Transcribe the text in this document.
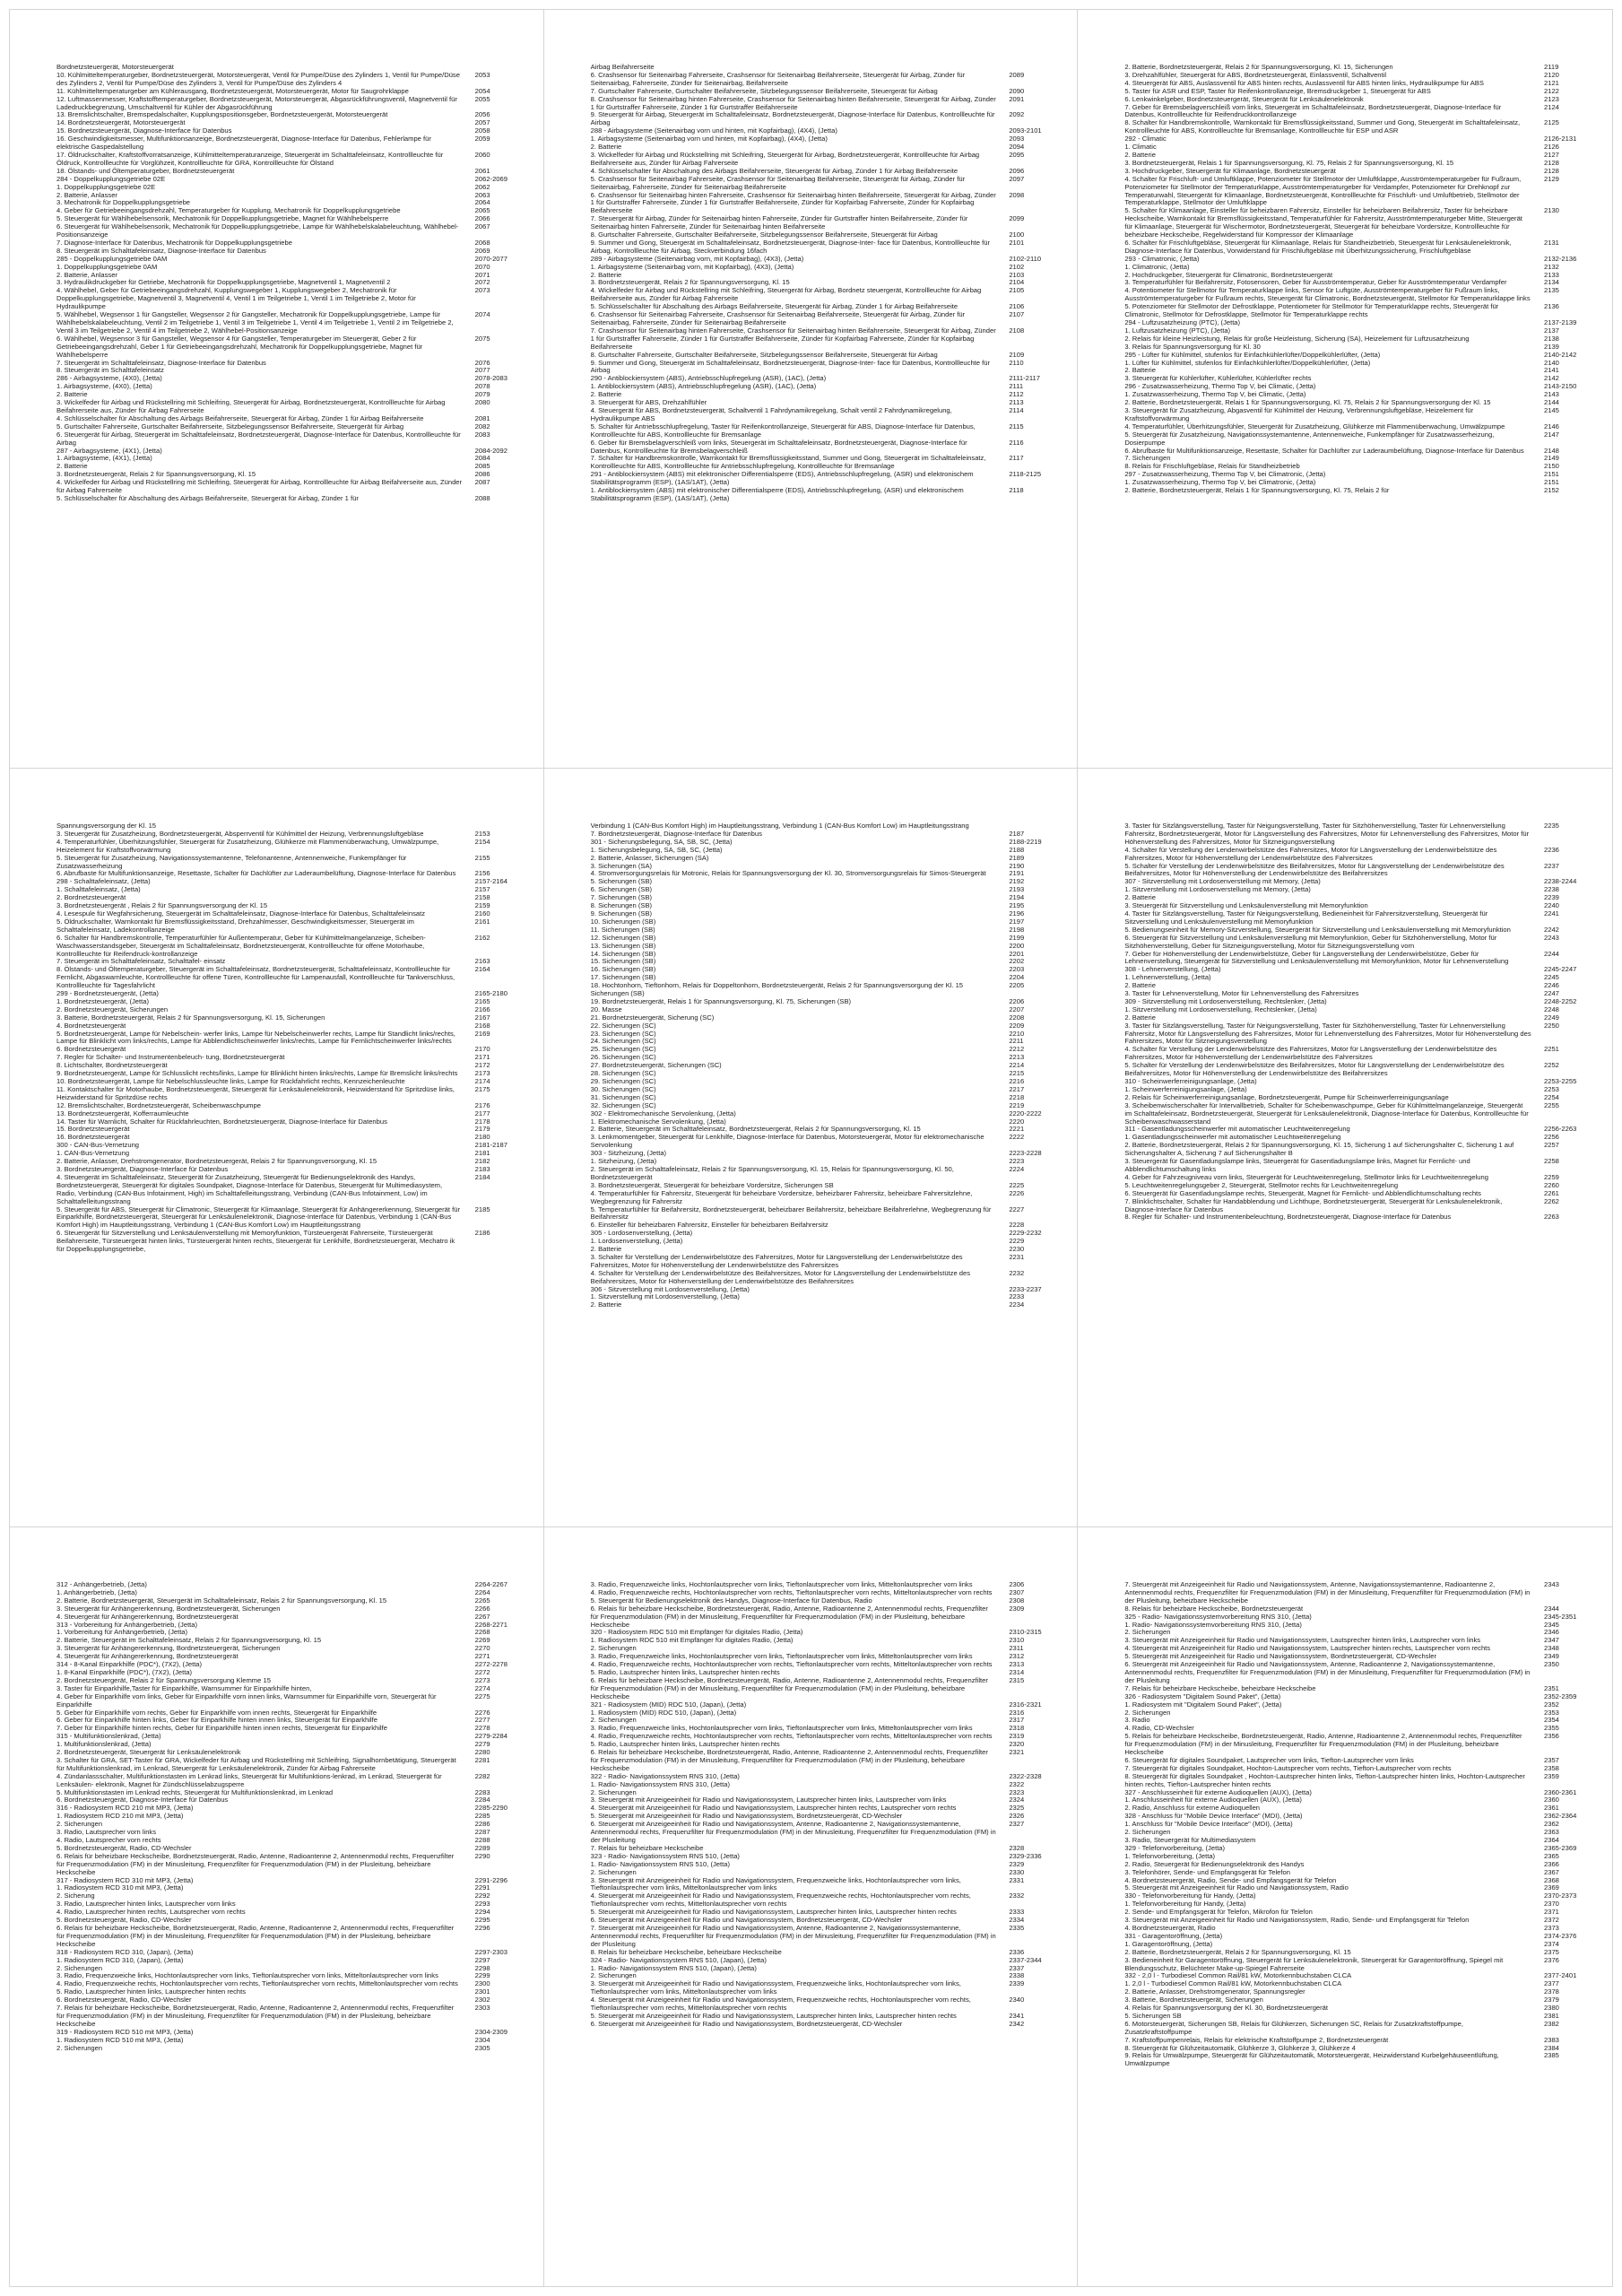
Bordnetzsteuergerät, Motorsteuergerät
10. Kühlmitteltemperaturgeber, Bordnetzsteuergerät, Motorsteuergerät, Ventil für Pumpe/Düse des Zylinders 1, Ventil für Pumpe/Düse des Zylinders 2, Ventil für Pumpe/Düse des Zylinders 3, Ventil für Pumpe/Düse des Zylinders 4
2053
11. Kühlmitteltemperaturgeber am Kühlerausgang, Bordnetzsteuergerät, Motorsteuergerät, Motor für Saugrohrklappe	2054
12. Luftmassenmesser, Kraftstofftemperaturgeber, Bordnetzsteuergerät, Motorsteuergerät, Abgasrückführungsventil, Magnetventil für Ladedruckbegrenzung, Umschaltventil für Kühler der Abgasrückführung
2055
13. Bremslichtschalter, Bremspedalschalter, Kupplungspositionsgeber, Bordnetzsteuergerät, Motorsteuergerät	2056
14. Bordnetzsteuergerät, Motorsteuergerät	2057
15. Bordnetzsteuergerät, Diagnose-Interface für Datenbus	2058
16. Geschwindigkeitsmesser, Multifunktionsanzeige, Bordnetzsteuergerät, Diagnose-Interface für Datenbus, Fehlerlampe für elektrische Gaspedalstellung
2059
17. Öldruckschalter, Kraftstoffvorratsanzeige, Kühlmitteltemperaturanzeige, Steuergerät im Schalttafeleinsatz, Kontrollleuchte für Öldruck, Kontrollleuchte für Vorglühzeit, Kontrollleuchte für GRA, Kontrollleuchte für Ölstand
2060
18. Ölstands- und Öltemperaturgeber, Bordnetzsteuergerät	2061
284 - Doppelkupplungsgetriebe 02E	2062-2069
1. Doppelkupplungsgetriebe 02E	2062
2. Batterie, Anlasser	2063
3. Mechatronik für Doppelkupplungsgetriebe	2064
4. Geber für Getriebeeingangsdrehzahl, Temperaturgeber für Kupplung, Mechatronik für Doppelkupplungsgetriebe	2065
5. Steuergerät für Wählhebelsensorik, Mechatronik für Doppelkupplungsgetriebe, Magnet für Wählhebelsperre	2066
6. Steuergerät für Wählhebelsensorik, Mechatronik für Doppelkupplungsgetriebe, Lampe für Wählhebelskalabeleuchtung, Wählhebel-Positionsanzeige
2067
7. Diagnose-Interface für Datenbus, Mechatronik für Doppelkupplungsgetriebe	2068
8. Steuergerät im Schalttafeleinsatz, Diagnose-Interface für Datenbus	2069
285 - Doppelkupplungsgetriebe 0AM	2070-2077
1. Doppelkupplungsgetriebe 0AM	2070
2. Batterie, Anlasser	2071
3. Hydraulikdruckgeber für Getriebe, Mechatronik für Doppelkupplungsgetriebe, Magnetventil 1, Magnetventil 2	2072
4. Wählhebel, Geber für Getriebeeingangsdrehzahl, Kupplungswegeber 1, Kupplungswegeber 2, Mechatronik für Doppelkupplungsgetriebe, Magnetventil 3, Magnetventil 4, Ventil 1 im Teilgetriebe 1, Ventil 1 im Teilgetriebe 2, Motor für Hydraulikpumpe
2073
5. Wählhebel, Wegsensor 1 für Gangsteller, Wegsensor 2 für Gangsteller, Mechatronik für Doppelkupplungsgetriebe, Lampe für Wählhebelskalabeleuchtung, Ventil 2 im Teilgetriebe 1, Ventil 3 im Teilgetriebe 1, Ventil 4 im Teilgetriebe 1, Ventil 2 im Teilgetriebe 2, Ventil 3 im Teilgetriebe 2, Ventil 4 im Teilgetriebe 2, Wählhebel-Positionsanzeige
2074
6. Wählhebel, Wegsensor 3 für Gangsteller, Wegsensor 4 für Gangsteller, Temperaturgeber im Steuergerät, Geber 2 für Getriebeeingangsdrehzahl, Geber 1 für Getriebeeingangsdrehzahl, Mechatronik für Doppelkupplungsgetriebe, Magnet für Wählhebelsperre
2075
7. Steuergerät im Schalttafeleinsatz, Diagnose-Interface für Datenbus	2076
8. Steuergerät im Schalttafeleinsatz	2077
286 - Airbagsysteme, (4X0), (Jetta)	2078-2083
1. Airbagsysteme, (4X0), (Jetta)	2078
2. Batterie	2079
3. Wickelfeder für Airbag und Rückstellring mit Schleifring, Steuergerät für Airbag, Bordnetzsteuergerät, Kontrollleuchte für Airbag Beifahrerseite aus, Zünder für Airbag Fahrerseite
2080
4. Schlüsselschalter für Abschaltung des Airbags Beifahrerseite, Steuergerät für Airbag, Zünder 1 für Airbag Beifahrerseite	2081
5. Gurtschalter Fahrerseite, Gurtschalter Beifahrerseite, Sitzbelegungssensor Beifahrerseite, Steuergerät für Airbag	2082
6. Steuergerät für Airbag, Steuergerät im Schalttafeleinsatz, Bordnetzsteuergerät, Diagnose-Interface für Datenbus, Kontrollleuchte für Airbag
2083
287 - Airbagsysteme, (4X1), (Jetta)	2084-2092
1. Airbagsysteme, (4X1), (Jetta)	2084
2. Batterie	2085
3. Bordnetzsteuergerät, Relais 2 für Spannungsversorgung, Kl. 15	2086
4. Wickelfeder für Airbag und Rückstellring mit Schleifring, Steuergerät für Airbag, Kontrollleuchte für Airbag Beifahrerseite aus, Zünder für Airbag Fahrerseite
2087
5. Schlüsselschalter für Abschaltung des Airbags Beifahrerseite, Steuergerät für Airbag, Zünder 1 für	2088
Airbag Beifahrerseite
6. Crashsensor für Seitenairbag Fahrerseite, Crashsensor für Seitenairbag Beifahrerseite, Steuergerät für Airbag, Zünder für Seitenairbag, Fahrerseite, Zünder für Seitenairbag, Beifahrerseite
2089
7. Gurtschalter Fahrerseite, Gurtschalter Beifahrerseite, Sitzbelegungssensor Beifahrerseite, Steuergerät für Airbag	2090
8. Crashsensor für Seitenairbag hinten Fahrerseite, Crashsensor für Seitenairbag hinten Beifahrerseite, Steuergerät für Airbag, Zünder 1 für Gurtstraffer Fahrerseite, Zünder 1 für Gurtstraffer Beifahrerseite
2091
9. Steuergerät für Airbag, Steuergerät im Schalttafeleinsatz, Bordnetzsteuergerät, Diagnose-Interface für Datenbus, Kontrollleuchte für Airbag
2092
288 - Airbagsysteme (Seitenairbag vorn und hinten, mit Kopfairbag), (4X4), (Jetta)	2093-2101
1. Airbagsysteme (Seitenairbag vorn und hinten, mit Kopfairbag), (4X4), (Jetta)	2093
2. Batterie	2094
3. Wickelfeder für Airbag und Rückstellring mit Schleifring, Steuergerät für Airbag, Bordnetzsteuergerät, Kontrollleuchte für Airbag Beifahrerseite aus, Zünder für Airbag Fahrerseite
2095
4. Schlüsselschalter für Abschaltung des Airbags Beifahrerseite, Steuergerät für Airbag, Zünder 1 für Airbag Beifahrerseite	2096
5. Crashsensor für Seitenairbag Fahrerseite, Crashsensor für Seitenairbag Beifahrerseite, Steuergerät für Airbag, Zünder für Seitenairbag, Fahrerseite, Zünder für Seitenairbag Beifahrerseite
2097
6. Crashsensor für Seitenairbag hinten Fahrerseite, Crashsensor für Seitenairbag hinten Beifahrerseite, Steuergerät für Airbag, Zünder 1 für Gurtstraffer Fahrerseite, Zünder 1 für Gurtstraffer Beifahrerseite, Zünder für Kopfairbag Fahrerseite, Zünder für Kopfairbag Beifahrerseite
2098
7. Steuergerät für Airbag, Zünder für Seitenairbag hinten Fahrerseite, Zünder für Gurtstraffer hinten Beifahrerseite, Zünder für Seitenairbag hinten Fahrerseite, Zünder für Seitenairbag hinten Beifahrerseite
2099
8. Gurtschalter Fahrerseite, Gurtschalter Beifahrerseite, Sitzbelegungssensor Beifahrerseite, Steuergerät für Airbag	2100
9. Summer und Gong, Steuergerät im Schalttafeleinsatz, Bordnetzsteuergerät, Diagnose-Inter- face für Datenbus, Kontrollleuchte für Airbag, Kontrollleuchte für Airbag, Steckverbindung 16fach
2101
289 - Airbagsysteme (Seitenairbag vorn, mit Kopfairbag), (4X3), (Jetta)	2102-2110
1. Airbagsysteme (Seitenairbag vorn, mit Kopfairbag), (4X3), (Jetta)	2102
2. Batterie	2103
3. Bordnetzsteuergerät, Relais 2 für Spannungsversorgung, Kl. 15	2104
4. Wickelfeder für Airbag und Rückstellring mit Schleifring, Steuergerät für Airbag, Bordnetz steuergerät, Kontrollleuchte für Airbag Beifahrerseite aus, Zünder für Airbag Fahrerseite
2105
5. Schlüsselschalter für Abschaltung des Airbags Beifahrerseite, Steuergerät für Airbag, Zünder 1 für Airbag Beifahrerseite	2106
6. Crashsensor für Seitenairbag Fahrerseite, Crashsensor für Seitenairbag Beifahrerseite, Steuergerät für Airbag, Zünder für Seitenairbag, Fahrerseite, Zünder für Seitenairbag Beifahrerseite
2107
7. Crashsensor für Seitenairbag hinten Fahrerseite, Crashsensor für Seitenairbag hinten Beifahrerseite, Steuergerät für Airbag, Zünder 1 für Gurtstraffer Fahrerseite, Zünder 1 für Gurtstraffer Beifahrerseite, Zünder für Kopfairbag Fahrerseite, Zünder für Kopfairbag Beifahrerseite
2108
8. Gurtschalter Fahrerseite, Gurtschalter Beifahrerseite, Sitzbelegungssensor Beifahrerseite, Steuergerät für Airbag	2109
9. Summer und Gong, Steuergerät im Schalttafeleinsatz, Bordnetzsteuergerät, Diagnose-Inter- face für Datenbus, Kontrollleuchte für Airbag
2110
290 - Antiblockiersystem (ABS), Antriebsschlupfregelung (ASR), (1AC), (Jetta)	2111-2117
1. Antiblockiersystem (ABS), Antriebsschlupfregelung (ASR), (1AC), (Jetta)	2111
2. Batterie	2112
3. Steuergerät für ABS, Drehzahlfühler	2113
4. Steuergerät für ABS, Bordnetzsteuergerät, Schaltventil 1 Fahrdynamikregelung, Schalt ventil 2 Fahrdynamikregelung, Hydraulikpumpe ABS
2114
5. Schalter für Antriebsschlupfregelung, Taster für Reifenkontrollanzeige, Steuergerät für ABS, Diagnose-Interface für Datenbus, Kontrollleuchte für ABS, Kontrollleuchte für Bremsanlage
2115
6. Geber für Bremsbelagverschleiß vorn links, Steuergerät im Schalttafeleinsatz, Bordnetzsteuergerät, Diagnose-Interface für Datenbus, Kontrollleuchte für Bremsbelagverschleiß
2116
7. Schalter für Handbremskontrolle, Warnkontakt für Bremsflüssigkeitsstand, Summer und Gong, Steuergerät im Schalttafeleinsatz, Kontrollleuchte für ABS, Kontrollleuchte für Antriebsschlupfregelung, Kontrollleuchte für Bremsanlage
2117
291 - Antiblockiersystem (ABS) mit elektronischer Differentialsperre (EDS), Antriebsschlupfregelung, (ASR) und elektronischem Stabilitätsprogramm (ESP), (1AS/1AT), (Jetta)
2118-2125
1. Antiblockiersystem (ABS) mit elektronischer Differentialsperre (EDS), Antriebsschlupfregelung, (ASR) und elektronischem Stabilitätsprogramm (ESP), (1AS/1AT), (Jetta)
2118
2. Batterie, Bordnetzsteuergerät, Relais 2 für Spannungsversorgung, Kl. 15, Sicherungen	2119
3. Drehzahlfühler, Steuergerät für ABS, Bordnetzsteuergerät, Einlassventil, Schaltventil	2120
4. Steuergerät für ABS, Auslassventil für ABS hinten rechts, Auslassventil für ABS hinten links, Hydraulikpumpe für ABS	2121
5. Taster für ASR und ESP, Taster für Reifenkontrollanzeige, Bremsdruckgeber 1, Steuergerät für ABS	2122
6. Lenkwinkelgeber, Bordnetzsteuergerät, Steuergerät für Lenksäulenelektronik	2123
7. Geber für Bremsbelagverschleiß vorn links, Steuergerät im Schalttafeleinsatz, Bordnetzsteuergerät, Diagnose-Interface für Datenbus, Kontrollleuchte für Reifendruckkontrollanzeige
2124
8. Schalter für Handbremskontrolle, Warnkontakt für Bremsflüssigkeitsstand, Summer und Gong, Steuergerät im Schalttafeleinsatz, Kontrollleuchte für ABS, Kontrollleuchte für Bremsanlage, Kontrollleuchte für ESP und ASR
2125
292 - Climatic	2126-2131
1. Climatic	2126
2. Batterie	2127
3. Bordnetzsteuergerät, Relais 1 für Spannungsversorgung, Kl. 75, Relais 2 für Spannungsversorgung, Kl. 15	2128
3. Hochdruckgeber, Steuergerät für Klimaanlage, Bordnetzsteuergerät	2128
4. Schalter für Frischluft- und Umluftklappe, Potenziometer für Stellmotor der Umluftklappe, Ausströmtemperaturgeber für Fußraum, Potenziometer für Stellmotor der Temperaturklappe, Ausströmtemperaturgeber für Verdampfer, Potenziometer für Drehknopf zur Temperaturwahl, Steuergerät für Klimaanlage, Bordnetzsteuergerät, Kontrollleuchte für Frischluft- und Umluftbetrieb, Stellmotor der Temperaturklappe, Stellmotor der Umluftklappe
2129
5. Schalter für Klimaanlage, Einsteller für beheizbaren Fahrersitz, Einsteller für beheizbaren Beifahrersitz, Taster für beheizbare Heckscheibe, Warnkontakt für Bremsflüssigkeitsstand, Temperaturfühler für Fahrersitz, Ausströmtemperaturgeber Mitte, Steuergerät für Klimaanlage, Steuergerät für Wischermotor, Bordnetzsteuergerät, Steuergerät für beheizbare Vordersitze, Kontrollleuchte für beheizbare Heckscheibe, Regelwiderstand für Kompressor der Klimaanlage
2130
6. Schalter für Frischluftgebläse, Steuergerät für Klimaanlage, Relais für Standheizbetrieb, Steuergerät für Lenksäulenelektronik, Diagnose-Interface für Datenbus, Vorwiderstand für Frischluftgebläse mit Überhitzungssicherung, Frischluftgebläse
2131
293 - Climatronic, (Jetta)	2132-2136
1. Climatronic, (Jetta)	2132
2. Hochdruckgeber, Steuergerät für Climatronic, Bordnetzsteuergerät	2133
3. Temperaturfühler für Beifahrersitz, Fotosensoren, Geber für Ausströmtemperatur, Geber für Ausströmtemperatur Verdampfer	2134
4. Potentiometer für Stellmotor für Temperaturklappe links, Sensor für Luftgüte, Ausströmtemperaturgeber für Fußraum links, Ausströmtemperaturgeber für Fußraum rechts, Steuergerät für Climatronic, Bordnetzsteuergerät, Stellmotor für Temperaturklappe links
2135
5. Potenziometer für Stellmotor der Defrostklappe, Potentiometer für Stellmotor für Temperaturklappe rechts, Steuergerät für Climatronic, Stellmotor für Defrostklappe, Stellmotor für Temperaturklappe rechts
2136
294 - Luftzusatzheizung (PTC), (Jetta)	2137-2139
1. Luftzusatzheizung (PTC), (Jetta)	2137
2. Relais für kleine Heizleistung, Relais für große Heizleistung, Sicherung (SA), Heizelement für Luftzusatzheizung	2138
3. Relais für Spannungsversorgung für Kl. 30	2139
295 - Lüfter für Kühlmittel, stufenlos für Einfachkühlerlüfter/Doppelkühlerlüfter, (Jetta)	2140-2142
1. Lüfter für Kühlmittel, stufenlos für Einfachkühlerlüfter/Doppelkühlerlüfter, (Jetta)	2140
2. Batterie	2141
3. Steuergerät für Kühlerlüfter, Kühlerlüfter, Kühlerlüfter rechts	2142
296 - Zusatzwasserheizung, Thermo Top V, bei Climatic, (Jetta)	2143-2150
1. Zusatzwasserheizung, Thermo Top V, bei Climatic, (Jetta)	2143
2. Batterie, Bordnetzsteuergerät, Relais 1 für Spannungsversorgung, Kl. 75, Relais 2 für Spannungsversorgung der Kl. 15	2144
3. Steuergerät für Zusatzheizung, Abgasventil für Kühlmittel der Heizung, Verbrennungsluftgebläse, Heizelement für Kraftstoffvorwärmung
2145
4. Temperaturfühler, Überhitzungsfühler, Steuergerät für Zusatzheizung, Glühkerze mit Flammenüberwachung, Umwälzpumpe	2146
5. Steuergerät für Zusatzheizung, Navigationssystemantenne, Antennenweiche, Funkempfänger für Zusatzwasserheizung, Dosierpumpe
2147
6. Abrufbaste für Multifunktionsanzeige, Resettaste, Schalter für Dachlüfter zur Laderaumbelüftung, Diagnose-Interface für Datenbus	2148
7. Sicherungen	2149
8. Relais für Frischluftgebläse, Relais für Standheizbetrieb	2150
297 - Zusatzwasserheizung, Thermo Top V, bei Climatronic, (Jetta)	2151
1. Zusatzwasserheizung, Thermo Top V, bei Climatronic, (Jetta)	2151
2. Batterie, Bordnetzsteuergerät, Relais 1 für Spannungsversorgung, Kl. 75, Relais 2 für	2152
Spannungsversorgung der Kl. 15
3. Steuergerät für Zusatzheizung, Bordnetzsteuergerät, Absperrventil für Kühlmittel der Heizung, Verbrennungsluftgebläse	2153
4. Temperaturfühler, Überhitzungsfühler, Steuergerät für Zusatzheizung, Glühkerze mit Flammenüberwachung, Umwälzpumpe, Heizelement für Kraftstoffvorwärmung
2154
5. Steuergerät für Zusatzheizung, Navigationssystemantenne, Telefonantenne, Antennenweiche, Funkempfänger für Zusatzwasserheizung
2155
6. Abrufbaste für Multifunktionsanzeige, Resettaste, Schalter für Dachlüfter zur Laderaumbelüftung, Diagnose-Interface für Datenbus	2156
298 - Schalttafeleinsatz, (Jetta)	2157-2164
1. Schalttafeleinsatz, (Jetta)	2157
2. Bordnetzsteuergerät	2158
3. Bordnetzsteuergerät , Relais 2 für Spannungsversorgung der Kl. 15	2159
4. Lesespule für Wegfahrsicherung, Steuergerät im Schalttafeleinsatz, Diagnose-Interface für Datenbus, Schalttafeleinsatz	2160
5. Öldruckschalter, Warnkontakt für Bremsflüssigkeitsstand, Drehzahlmesser, Geschwindigkeitsmesser, Steuergerät im Schalttafeleinsatz, Ladekontrollanzeige
2161
6. Schalter für Handbremskontrolle, Temperaturfühler für Außentemperatur, Geber für Kühlmittelmangelanzeige, Scheiben-Waschwasserstandsgeber, Steuergerät im Schalttafeleinsatz, Bordnetzsteuergerät, Kontrollleuchte für offene Motorhaube, Kontrollleuchte für Reifendruck-kontrollanzeige
2162
7. Steuergerät im Schalttafeleinsatz, Schalttafel- einsatz	2163
8. Ölstands- und Öltemperaturgeber, Steuergerät im Schalttafeleinsatz, Bordnetzsteuergerät, Schalttafeleinsatz, Kontrollleuchte für Fernlicht, Abgaswarnleuchte, Kontrollleuchte für offene Türen, Kontrollleuchte für Lampenausfall, Kontrollleuchte für Tankverschluss, Kontrollleuchte für Tagesfahrlicht
2164
299 - Bordnetzsteuergerät, (Jetta)	2165-2180
1. Bordnetzsteuergerät, (Jetta)	2165
2. Bordnetzsteuergerät, Sicherungen	2166
3. Batterie, Bordnetzsteuergerät, Relais 2 für Spannungsversorgung, Kl. 15, Sicherungen	2167
4. Bordnetzsteuergerät	2168
5. Bordnetzsteuergerät, Lampe für Nebelschein- werfer links, Lampe für Nebelscheinwerfer rechts, Lampe für Standlicht links/rechts, Lampe für Blinklicht vorn links/rechts, Lampe für Abblendlichtscheinwerfer links/rechts, Lampe für Fernlichtscheinwerfer links/rechts
2169
6. Bordnetzsteuergerät	2170
7. Regler für Schalter- und Instrumentenbeleuch- tung, Bordnetzsteuergerät	2171
8. Lichtschalter, Bordnetzsteuergerät	2172
9. Bordnetzsteuergerät, Lampe für Schlusslicht rechts/links, Lampe für Blinklicht hinten links/rechts, Lampe für Bremslicht links/rechts	2173
10. Bordnetzsteuergerät, Lampe für Nebelschlussleuchte links, Lampe für Rückfahrlicht rechts, Kennzeichenleuchte	2174
11. Kontaktschalter für Motorhaube, Bordnetzsteuergerät, Steuergerät für Lenksäulenelektronik, Heizwiderstand für Spritzdüse links, Heizwiderstand für Spritzdüse rechts
2175
12. Bremslichtschalter, Bordnetzsteuergerät, Scheibenwaschpumpe	2176
13. Bordnetzsteuergerät, Kofferraumleuchte	2177
14. Taster für Warnlicht, Schalter für Rückfahrleuchten, Bordnetzsteuergerät, Diagnose-Interface für Datenbus	2178
15. Bordnetzsteuergerät	2179
16. Bordnetzsteuergerät	2180
300 - CAN-Bus-Vernetzung	2181-2187
1. CAN-Bus-Vernetzung	2181
2. Batterie, Anlasser, Drehstromgenerator, Bordnetzsteuergerät, Relais 2 für Spannungsversorgung, Kl. 15	2182
3. Bordnetzsteuergerät, Diagnose-Interface für Datenbus	2183
4. Steuergerät im Schalttafeleinsatz, Steuergerät für Zusatzheizung, Steuergerät für Bedienungselektronik des Handys, Bordnetzsteuergerät, Steuergerät für digitales Soundpaket, Diagnose-Interface für Datenbus, Steuergerät für Multimediasystem, Radio, Verbindung (CAN-Bus Infotainment, High) im Schalttafelleitungsstrang, Verbindung (CAN-Bus Infotainment, Low) im Schalttafelleitungsstrang
2184
5. Steuergerät für ABS, Steuergerät für Climatronic, Steuergerät für Klimaanlage, Steuergerät für Anhängererkennung, Steuergerät für Einparkhilfe, Bordnetzsteuergerät, Steuergerät für Lenksäulenelektronik, Diagnose-Interface für Datenbus, Verbindung 1 (CAN-Bus Komfort High) im Hauptleitungsstrang, Verbindung 1 (CAN-Bus Komfort Low) im Hauptleitungsstrang
2185
6. Steuergerät für Sitzverstellung und Lenksäulenverstellung mit Memoryfunktion, Türsteuergerät Fahrerseite, Türsteuergerät Beifahrerseite, Türsteuergerät hinten links, Türsteuergerät hinten rechts, Steuergerät für Lenkhilfe, Bordnetzsteuergerät, Mechatro ik für Doppelkupplungsgetriebe,
2186
Verbindung 1 (CAN-Bus Komfort High) im Hauptleitungsstrang, Verbindung 1 (CAN-Bus Komfort Low) im Hauptleitungsstrang
7. Bordnetzsteuergerät, Diagnose-Interface für Datenbus	2187
301 - Sicherungsbelegung, SA, SB, SC, (Jetta)	2188-2219
1. Sicherungsbelegung, SA, SB, SC, (Jetta)	2188
2. Batterie, Anlasser, Sicherungen (SA)	2189
3. Sicherungen (SA)	2190
4. Stromversorgungsrelais für Motronic, Relais für Spannungsversorgung der Kl. 30, Stromversorgungsrelais für Simos-Steuergerät	2191
5. Sicherungen (SB)	2192
6. Sicherungen (SB)	2193
7. Sicherungen (SB)	2194
8. Sicherungen (SB)	2195
9. Sicherungen (SB)	2196
10. Sicherungen (SB)	2197
11. Sicherungen (SB)	2198
12. Sicherungen (SB)	2199
13. Sicherungen (SB)	2200
14. Sicherungen (SB)	2201
15. Sicherungen (SB)	2202
16. Sicherungen (SB)	2203
17. Sicherungen (SB)	2204
18. Hochtonhorn, Tieftonhorn, Relais für Doppeltonhorn, Bordnetzsteuergerät, Relais 2 für Spannungsversorgung der Kl. 15 Sicherungen (SB)
2205
19. Bordnetzsteuergerät, Relais 1 für Spannungsversorgung, Kl. 75, Sicherungen (SB)	2206
20. Masse	2207
21. Bordnetzsteuergerät, Sicherung (SC)	2208
22. Sicherungen (SC)	2209
23. Sicherungen (SC)	2210
24. Sicherungen (SC)	2211
25. Sicherungen (SC)	2212
26. Sicherungen (SC)	2213
27. Bordnetzsteuergerät, Sicherungen (SC)	2214
28. Sicherungen (SC)	2215
29. Sicherungen (SC)	2216
30. Sicherungen (SC)	2217
31. Sicherungen (SC)	2218
32. Sicherungen (SC)	2219
302 - Elektromechanische Servolenkung, (Jetta)	2220-2222
1. Elektromechanische Servolenkung, (Jetta)	2220
2. Batterie, Steuergerät im Schalttafeleinsatz, Bordnetzsteuergerät, Relais 2 für Spannungsversorgung, Kl. 15	2221
3. Lenkmomentgeber, Steuergerät für Lenkhilfe, Diagnose-Interface für Datenbus, Motorsteuergerät, Motor für elektromechanische Servolenkung
2222
303 - Sitzheizung, (Jetta)	2223-2228
1. Sitzheizung, (Jetta)	2223
2. Steuergerät im Schalttafeleinsatz, Relais 2 für Spannungsversorgung, Kl. 15, Relais für Spannungsversorgung, Kl. 50, Bordnetzsteuergerät
2224
3. Bordnetzsteuergerät, Steuergerät für beheizbare Vordersitze, Sicherungen SB	2225
4. Temperaturfühler für Fahrersitz, Steuergerät für beheizbare Vordersitze, beheizbarer Fahrersitz, beheizbare Fahrersitzlehne, Wegbegrenzung für Fahrersitz
2226
5. Temperaturfühler für Beifahrersitz, Bordnetzsteuergerät, beheizbarer Beifahrersitz, beheizbare Beifahrerlehne, Wegbegrenzung für Beifahrersitz
2227
6. Einsteller für beheizbaren Fahrersitz, Einsteller für beheizbaren Beifahrersitz	2228
305 - Lordosenverstellung, (Jetta)	2229-2232
1. Lordosenverstellung, (Jetta)	2229
2. Batterie	2230
3. Schalter für Verstellung der Lendenwirbelstütze des Fahrersitzes, Motor für Längsverstellung der Lendenwirbelstütze des Fahrersitzes, Motor für Höhenverstellung der Lendenwirbelstütze des Fahrersitzes
2231
4. Schalter für Verstellung der Lendenwirbelstütze des Beifahrersitzes, Motor für Längsverstellung der Lendenwirbelstütze des Beifahrersitzes, Motor für Höhenverstellung der Lendenwirbelstütze des Beifahrersitzes
2232
306 - Sitzverstellung mit Lordosenverstellung, (Jetta)	2233-2237
1. Sitzverstellung mit Lordosenverstellung, (Jetta)	2233
2. Batterie	2234
3. Taster für Sitzlängsverstellung, Taster für Neigungsverstellung, Taster für Sitzhöhenverstellung, Taster für Lehnenverstellung Fahrersitz, Bordnetzsteuergerät, Motor für Längsverstellung des Fahrersitzes, Motor für Lehnenverstellung des Fahrersitzes, Motor für Höhenverstellung des Fahrersitzes, Motor für Sitzneigungsverstellung
2235
4. Schalter für Verstellung der Lendenwirbelstütze des Fahrersitzes, Motor für Längsverstellung der Lendenwirbelstütze des Fahrersitzes, Motor für Höhenverstellung der Lendenwirbelstütze des Fahrersitzes
2236
5. Schalter für Verstellung der Lendenwirbelstütze des Beifahrersitzes, Motor für Längsverstellung der Lendenwirbelstütze des Beifahrersitzes, Motor für Höhenverstellung der Lendenwirbelstütze des Beifahrersitzes
2237
307 - Sitzverstellung mit Lordosenverstellung mit Memory, (Jetta)	2238-2244
1. Sitzverstellung mit Lordosenverstellung mit Memory, (Jetta)	2238
2. Batterie	2239
3. Steuergerät für Sitzverstellung und Lenksäulenverstellung mit Memoryfunktion	2240
4. Taster für Sitzlängsverstellung, Taster für Neigungsverstellung, Bedieneinheit für Fahrersitzverstellung, Steuergerät für Sitzverstellung und Lenksäulenverstellung mit Memoryfunktion
2241
5. Bedienungseinheit für Memory-Sitzverstellung, Steuergerät für Sitzverstellung und Lenksäulenverstellung mit Memoryfunktion	2242
6. Steuergerät für Sitzverstellung und Lenksäulenverstellung mit Memoryfunktion, Geber für Sitzhöhenverstellung, Motor für Sitzhöhenverstellung, Geber für Sitzneigungsverstellung, Motor für Sitzneigungsverstellung vorn
2243
7. Geber für Höhenverstellung der Lendenwirbelstütze, Geber für Längsverstellung der Lendenwirbelstütze, Geber für Lehnenverstellung, Steuergerät für Sitzverstellung und Lenksäulenverstellung mit Memoryfunktion, Motor für Lehnenverstellung
2244
308 - Lehnenverstellung, (Jetta)	2245-2247
1. Lehnenverstellung, (Jetta)	2245
2. Batterie	2246
3. Taster für Lehnenverstellung, Motor für Lehnenverstellung des Fahrersitzes	2247
309 - Sitzverstellung mit Lordosenverstellung, Rechtslenker, (Jetta)	2248-2252
1. Sitzverstellung mit Lordosenverstellung, Rechtslenker, (Jetta)	2248
2. Batterie	2249
3. Taster für Sitzlängsverstellung, Taster für Neigungsverstellung, Taster für Sitzhöhenverstellung, Taster für Lehnenverstellung Fahrersitz, Motor für Längsverstellung des Fahrersitzes, Motor für Lehnenverstellung des Fahrersitzes, Motor für Höhenverstellung des Fahrersitzes, Motor für Sitzneigungsverstellung
2250
4. Schalter für Verstellung der Lendenwirbelstütze des Fahrersitzes, Motor für Längsverstellung der Lendenwirbelstütze des Fahrersitzes, Motor für Höhenverstellung der Lendenwirbelstütze des Fahrersitzes
2251
5. Schalter für Verstellung der Lendenwirbelstütze des Beifahrersitzes, Motor für Längsverstellung der Lendenwirbelstütze des Beifahrersitzes, Motor für Höhenverstellung der Lendenwirbelstütze des Beifahrersitzes
2252
310 - Scheinwerferreinigungsanlage, (Jetta)	2253-2255
1. Scheinwerferreinigungsanlage, (Jetta)	2253
2. Relais für Scheinwerferreinigungsanlage, Bordnetzsteuergerät, Pumpe für Scheinwerferreinigungsanlage	2254
3. Scheibenwischerschalter für Intervallbetrieb, Schalter für Scheibenwaschpumpe, Geber für Kühlmittelmangelanzeige, Steuergerät im Schalttafeleinsatz, Bordnetzsteuergerät, Steuergerät für Lenksäulenelektronik, Diagnose-Interface für Datenbus, Kontrollleuchte für Scheibenwaschwasserstand
2255
311 - Gasentladungsscheinwerfer mit automatischer Leuchtweitenregelung	2256-2263
1. Gasentladungsscheinwerfer mit automatischer Leuchtweitenregelung	2256
2. Batterie, Bordnetzsteuergerät, Relais 2 für Spannungsversorgung, Kl. 15, Sicherung 1 auf Sicherungshalter C, Sicherung 1 auf Sicherungshalter A, Sicherung 7 auf Sicherungshalter B
2257
3. Steuergerät für Gasentladungslampe links, Steuergerät für Gasentladungslampe links, Magnet für Fernlicht- und Abblendlichtumschaltung links
2258
4. Geber für Fahrzeugniveau vorn links, Steuergerät für Leuchtweitenregelung, Stellmotor links für Leuchtweitenregelung	2259
5. Leuchtweitenregelungsgeber 2, Steuergerät, Stellmotor rechts für Leuchtweitenregelung	2260
6. Steuergerät für Gasentladungslampe rechts, Steuergerät, Magnet für Fernlicht- und Abblendlichtumschaltung rechts	2261
7. Blinklichtschalter, Schalter für Handabblendung und Lichthupe, Bordnetzsteuergerät, Steuergerät für Lenksäulenelektronik, Diagnose-Interface für Datenbus
2262
8. Regler für Schalter- und Instrumentenbeleuchtung, Bordnetzsteuergerät, Diagnose-Interface für Datenbus	2263
312 - Anhängerbetrieb, (Jetta)	2264-2267
1. Anhängerbetrieb, (Jetta)	2264
2. Batterie, Bordnetzsteuergerät, Steuergerät im Schalttafeleinsatz, Relais 2 für Spannungsversorgung, Kl. 15	2265
3. Steuergerät für Anhängererkennung, Bordnetzsteuergerät, Sicherungen	2266
4. Steuergerät für Anhängererkennung, Bordnetzsteuergerät	2267
313 - Vorbereitung für Anhängerbetrieb, (Jetta)	2268-2271
1. Vorbereitung für Anhängerbetrieb, (Jetta)	2268
2. Batterie, Steuergerät im Schalttafeleinsatz, Relais 2 für Spannungsversorgung, Kl. 15	2269
3. Steuergerät für Anhängererkennung, Bordnetzsteuergerät, Sicherungen	2270
4. Steuergerät für Anhängererkennung, Bordnetzsteuergerät	2271
314 - 8-Kanal Einparkhilfe (PDC*), (7X2), (Jetta)	2272-2278
1. 8-Kanal Einparkhilfe (PDC*), (7X2), (Jetta)	2272
2. Bordnetzsteuergerät, Relais 2 für Spannungsversorgung Klemme 15	2273
3. Taster für Einparkhilfe,Taster für Einparkhilfe, Warnsummer für Einparkhilfe hinten,	2274
4. Geber für Einparkhilfe vorn links, Geber für Einparkhilfe vorn innen links, Warnsummer für Einparkhilfe vorn, Steuergerät für Einparkhilfe
2275
5. Geber für Einparkhilfe vorn rechts, Geber für Einparkhilfe vorn innen rechts, Steuergerät für Einparkhilfe	2276
6. Geber für Einparkhilfe hinten links, Geber für Einparkhilfe hinten innen links, Steuergerät für Einparkhilfe	2277
7. Geber für Einparkhilfe hinten rechts, Geber für Einparkhilfe hinten innen rechts, Steuergerät für Einparkhilfe	2278
315 - Multifunktionslenkrad, (Jetta)	2279-2284
1. Multifunktionslenkrad, (Jetta)	2279
2. Bordnetzsteuergerät, Steuergerät für Lenksäulenelektronik	2280
3. Schalter für GRA, SET-Taster für GRA, Wickelfeder für Airbag und Rückstellring mit Schleifring, Signalhornbetätigung, Steuergerät für Multifunktionslenkrad, im Lenkrad, Steuergerät für Lenksäulenelektronik, Zünder für Airbag Fahrerseite
2281
4. Zündanlassschalter, Multifunktionstasten im Lenkrad links, Steuergerät für Multifunktions-lenkrad, im Lenkrad, Steuergerät für Lenksäulen- elektronik, Magnet für Zündschlüsselabzugsperre
2282
5. Multifunktionstasten im Lenkrad rechts, Steuergerät für Multifunktionslenkrad, im Lenkrad	2283
6. Bordnetzsteuergerät, Diagnose-Interface für Datenbus	2284
316 - Radiosystem RCD 210 mit MP3, (Jetta)	2285-2290
1. Radiosystem RCD 210 mit MP3, (Jetta)	2285
2. Sicherungen	2286
3. Radio, Lautsprecher vorn links	2287
4. Radio, Lautsprecher vorn rechts	2288
5. Bordnetzsteuergerät, Radio, CD-Wechsler	2289
6. Relais für beheizbare Heckscheibe, Bordnetzsteuergerät, Radio, Antenne, Radioantenne 2, Antennenmodul rechts, Frequenzfilter für Frequenzmodulation (FM) in der Minusleitung, Frequenzfilter für Frequenzmodulation (FM) in der Plusleitung, beheizbare Heckscheibe
2290
317 - Radiosystem RCD 310 mit MP3, (Jetta)	2291-2296
1. Radiosystem RCD 310 mit MP3, (Jetta)	2291
2. Sicherung	2292
3. Radio, Lautsprecher hinten links, Lautsprecher vorn links	2293
4. Radio, Lautsprecher hinten rechts, Lautsprecher vorn rechts	2294
5. Bordnetzsteuergerät, Radio, CD-Wechsler	2295
6. Relais für beheizbare Heckscheibe, Bordnetzsteuergerät, Radio, Antenne, Radioantenne 2, Antennenmodul rechts, Frequenzfilter für Frequenzmodulation (FM) in der Minusleitung, Frequenzfilter für Frequenzmodulation (FM) in der Plusleitung, beheizbare Heckscheibe
2296
318 - Radiosystem RCD 310, (Japan), (Jetta)	2297-2303
1. Radiosystem RCD 310, (Japan), (Jetta)	2297
2. Sicherungen	2298
3. Radio, Frequenzweiche links, Hochtonlautsprecher vorn links, Tieftonlautsprecher vorn links, Mitteltonlautsprecher vorn links	2299
4. Radio, Frequenzweiche rechts, Hochtonlautsprecher vorn rechts, Tieftonlautsprecher vorn rechts, Mitteltonlautsprecher vorn rechts	2300
5. Radio, Lautsprecher hinten links, Lautsprecher hinten rechts	2301
6. Bordnetzsteuergerät, Radio, CD-Wechsler	2302
7. Relais für beheizbare Heckscheibe, Bordnetzsteuergerät, Radio, Antenne, Radioantenne 2, Antennenmodul rechts, Frequenzfilter für Frequenzmodulation (FM) in der Minusleitung, Frequenzfilter für Frequenzmodulation (FM) in der Plusleitung, beheizbare Heckscheibe
2303
319 - Radiosystem RCD 510 mit MP3, (Jetta)	2304-2309
1. Radiosystem RCD 510 mit MP3, (Jetta)	2304
2. Sicherungen	2305
3. Radio, Frequenzweiche links, Hochtonlautsprecher vorn links, Tieftonlautsprecher vorn links, Mitteltonlautsprecher vorn links	2306
4. Radio, Frequenzweiche rechts, Hochtonlautsprecher vorn rechts, Tieftonlautsprecher vorn rechts, Mitteltonlautsprecher vorn rechts	2307
5. Steuergerät für Bedienungselektronik des Handys, Diagnose-Interface für Datenbus, Radio	2308
6. Relais für beheizbare Heckscheibe, Bordnetzsteuergerät, Radio, Antenne, Radioantenne 2, Antennenmodul rechts, Frequenzfilter für Frequenzmodulation (FM) in der Minusleitung, Frequenzfilter für Frequenzmodulation (FM) in der Plusleitung, beheizbare Heckscheibe
2309
320 - Radiosystem RDC 510 mit Empfänger für digitales Radio, (Jetta)	2310-2315
1. Radiosystem RDC 510 mit Empfänger für digitales Radio, (Jetta)	2310
2. Sicherungen	2311
3. Radio, Frequenzweiche links, Hochtonlautsprecher vorn links, Tieftonlautsprecher vorn links, Mitteltonlautsprecher vorn links	2312
4. Radio, Frequenzweiche rechts, Hochtonlautsprecher vorn rechts, Tieftonlautsprecher vorn rechts, Mitteltonlautsprecher vorn rechts	2313
5. Radio, Lautsprecher hinten links, Lautsprecher hinten rechts	2314
6. Relais für beheizbare Heckscheibe, Bordnetzsteuergerät, Radio, Antenne, Radioantenne 2, Antennenmodul rechts, Frequenzfilter für Frequenzmodulation (FM) in der Minusleitung, Frequenzfilter für Frequenzmodulation (FM) in der Plusleitung, beheizbare Heckscheibe
2315
321 - Radiosystem (MID) RDC 510, (Japan), (Jetta)	2316-2321
1. Radiosystem (MID) RDC 510, (Japan), (Jetta)	2316
2. Sicherungen	2317
3. Radio, Frequenzweiche links, Hochtonlautsprecher vorn links, Tieftonlautsprecher vorn links, Mitteltonlautsprecher vorn links	2318
4. Radio, Frequenzweiche rechts, Hochtonlautsprecher vorn rechts, Tieftonlautsprecher vorn rechts, Mitteltonlautsprecher vorn rechts	2319
5. Radio, Lautsprecher hinten links, Lautsprecher hinten rechts	2320
6. Relais für beheizbare Heckscheibe, Bordnetzsteuergerät, Radio, Antenne, Radioantenne 2, Antennenmodul rechts, Frequenzfilter für Frequenzmodulation (FM) in der Minusleitung, Frequenzfilter für Frequenzmodulation (FM) in der Plusleitung, beheizbare Heckscheibe
2321
322 - Radio- Navigationssystem RNS 310, (Jetta)	2322-2328
1. Radio- Navigationssystem RNS 310, (Jetta)	2322
2. Sicherungen	2323
3. Steuergerät mit Anzeigeeinheit für Radio und Navigationssystem, Lautsprecher hinten links, Lautsprecher vorn links	2324
4. Steuergerät mit Anzeigeeinheit für Radio und Navigationssystem, Lautsprecher hinten rechts, Lautsprecher vorn rechts	2325
5. Steuergerät mit Anzeigeeinheit für Radio und Navigationssystem, Bordnetzsteuergerät, CD-Wechsler	2326
6. Steuergerät mit Anzeigeeinheit für Radio und Navigationssystem, Antenne, Radioantenne 2, Navigationssystemantenne, Antennenmodul rechts, Frequenzfilter für Frequenzmodulation (FM) in der Minusleitung, Frequenzfilter für Frequenzmodulation (FM) in der Plusleitung
2327
7. Relais für beheizbare Heckscheibe	2328
323 - Radio- Navigationssystem RNS 510, (Jetta)	2329-2336
1. Radio- Navigationssystem RNS 510, (Jetta)	2329
2. Sicherungen	2330
3. Steuergerät mit Anzeigeeinheit für Radio und Navigationssystem, Frequenzweiche links, Hochtonlautsprecher vorn links, Tieftonlautsprecher vorn links, Mitteltonlautsprecher vorn links
2331
4. Steuergerät mit Anzeigeeinheit für Radio und Navigationssystem, Frequenzweiche rechts, Hochtonlautsprecher vorn rechts, Tieftonlautsprecher vorn rechts, Mitteltonlautsprecher vorn rechts
2332
5. Steuergerät mit Anzeigeeinheit für Radio und Navigationssystem, Lautsprecher hinten links, Lautsprecher hinten rechts	2333
6. Steuergerät mit Anzeigeeinheit für Radio und Navigationssystem, Bordnetzsteuergerät, CD-Wechsler	2334
7. Steuergerät mit Anzeigeeinheit für Radio und Navigationssystem, Antenne, Radioantenne 2, Navigationssystemantenne, Antennenmodul rechts, Frequenzfilter für Frequenzmodulation (FM) in der Minusleitung, Frequenzfilter für Frequenzmodulation (FM) in der Plusleitung
2335
8. Relais für beheizbare Heckscheibe, beheizbare Heckscheibe	2336
324 - Radio- Navigationssystem RNS 510, (Japan), (Jetta)	2337-2344
1. Radio- Navigationssystem RNS 510, (Japan), (Jetta)	2337
2. Sicherungen	2338
3. Steuergerät mit Anzeigeeinheit für Radio und Navigationssystem, Frequenzweiche links, Hochtonlautsprecher vorn links, Tieftonlautsprecher vorn links, Mitteltonlautsprecher vorn links
2339
4. Steuergerät mit Anzeigeeinheit für Radio und Navigationssystem, Frequenzweiche rechts, Hochtonlautsprecher vorn rechts, Tieftonlautsprecher vorn rechts, Mitteltonlautsprecher vorn rechts
2340
5. Steuergerät mit Anzeigeeinheit für Radio und Navigationssystem, Lautsprecher hinten links, Lautsprecher hinten rechts	2341
6. Steuergerät mit Anzeigeeinheit für Radio und Navigationssystem, Bordnetzsteuergerät, CD-Wechsler	2342
7. Steuergerät mit Anzeigeeinheit für Radio und Navigationssystem, Antenne, Navigationssystemantenne, Radioantenne 2, Antennenmodul rechts, Frequenzfilter für Frequenzmodulation (FM) in der Minusleitung, Frequenzfilter für Frequenzmodulation (FM) in der Plusleitung, beheizbare Heckscheibe
2343
8. Relais für beheizbare Heckscheibe, Bordnetzsteuergerät	2344
325 - Radio- Navigationssystemvorbereitung RNS 310, (Jetta)	2345-2351
1. Radio- Navigationssystemvorbereitung RNS 310, (Jetta)	2345
2. Sicherungen	2346
3. Steuergerät mit Anzeigeeinheit für Radio und Navigationssystem, Lautsprecher hinten links, Lautsprecher vorn links	2347
4. Steuergerät mit Anzeigeeinheit für Radio und Navigationssystem, Lautsprecher hinten rechts, Lautsprecher vorn rechts	2348
5. Steuergerät mit Anzeigeeinheit für Radio und Navigationssystem, Bordnetzsteuergerät, CD-Wechsler	2349
6. Steuergerät mit Anzeigeeinheit für Radio und Navigationssystem, Antenne, Radioantenne 2, Navigationssystemantenne, Antennenmodul rechts, Frequenzfilter für Frequenzmodulation (FM) in der Minusleitung, Frequenzfilter für Frequenzmodulation (FM) in der Plusleitung
2350
7. Relais für beheizbare Heckscheibe, beheizbare Heckscheibe	2351
326 - Radiosystem "Digitalem Sound Paket", (Jetta)	2352-2359
1. Radiosystem mit "Digitalem Sound Paket", (Jetta)	2352
2. Sicherungen	2353
3. Radio	2354
4. Radio, CD-Wechsler	2355
5. Relais für beheizbare Heckscheibe, Bordnetzsteuergerät, Radio, Antenne, Radioantenne 2, Antennenmodul rechts, Frequenzfilter für Frequenzmodulation (FM) in der Minusleitung, Frequenzfilter für Frequenzmodulation (FM) in der Plusleitung, beheizbare Heckscheibe
2356
6. Steuergerät für digitales Soundpaket, Lautsprecher vorn links, Tiefton-Lautsprecher vorn links	2357
7. Steuergerät für digitales Soundpaket, Hochton-Lautsprecher vorn rechts, Tiefton-Lautsprecher vorn rechts	2358
8. Steuergerät für digitales Soundpaket , Hochton-Lautsprecher hinten links, Tiefton-Lautsprecher hinten links, Hochton-Lautsprecher hinten rechts, Tiefton-Lautsprecher hinten rechts
2359
327 - Anschlusseinheit für externe Audioquellen (AUX), (Jetta)	2360-2361
1. Anschlusseinheit für externe Audioquellen (AUX), (Jetta)	2360
2. Radio, Anschluss für externe Audioquellen	2361
328 - Anschluss für "Mobile Device Interface" (MDI), (Jetta)	2362-2364
1. Anschluss für "Mobile Device Interface" (MDI), (Jetta)	2362
2. Sicherungen	2363
3. Radio, Steuergerät für Multimediasystem	2364
329 - Telefonvorbereitung, (Jetta)	2365-2369
1. Telefonvorbereitung, (Jetta)	2365
2. Radio, Steuergerät für Bedienungselektronik des Handys	2366
3. Telefonhörer, Sende- und Empfangsgerät für Telefon	2367
4. Bordnetzsteuergerät, Radio, Sende- und Empfangsgerät für Telefon	2368
5. Steuergerät mit Anzeigeeinheit für Radio und Navigationssystem, Radio	2369
330 - Telefonvorbereitung für Handy, (Jetta)	2370-2373
1. Telefonvorbereitung für Handy, (Jetta)	2370
2. Sende- und Empfangsgerät für Telefon, Mikrofon für Telefon	2371
3. Steuergerät mit Anzeigeeinheit für Radio und Navigationssystem, Radio, Sende- und Empfangsgerät für Telefon	2372
4. Bordnetzsteuergerät, Radio	2373
331 - Garagentoröffnung, (Jetta)	2374-2376
1. Garagentoröffnung, (Jetta)	2374
2. Batterie, Bordnetzsteuergerät, Relais 2 für Spannungsversorgung, Kl. 15	2375
3. Bedieneinheit für Garagentoröffnung, Steuergerät für Lenksäulenelektronik, Steuergerät für Garagentoröffnung, Spiegel mit Blendungsschutz, Belüchteter Make-up-Spiegel Fahrerseite
2376
332 - 2,0 l - Turbodiesel Common Rail/81 kW, Motorkennbuchstaben CLCA	2377-2401
1. 2,0 l - Turbodiesel Common Rail/81 kW, Motorkennbuchstaben CLCA	2377
2. Batterie, Anlasser, Drehstromgenerator, Spannungsregler	2378
3. Batterie, Bordnetzsteuergerät, Sicherungen	2379
4. Relais für Spannungsversorgung der Kl. 30, Bordnetzsteuergerät	2380
5. Sicherungen SB	2381
6. Motorsteuergerät, Sicherungen SB, Relais für Glühkerzen, Sicherungen SC, Relais für Zusatzkraftstoffpumpe, Zusatzkraftstoffpumpe
2382
7. Kraftstoffpumpenrelais, Relais für elektrische Kraftstoffpumpe 2, Bordnetzsteuergerät	2383
8. Steuergerät für Glühzeitautomatik, Glühkerze 3, Glühkerze 3, Glühkerze 4	2384
9. Relais für Umwälzpumpe, Steuergerät für Glühzeitautomatik, Motorsteuergerät, Heizwiderstand Kurbelgehäuseentlüftung, Umwälzpumpe
2385
